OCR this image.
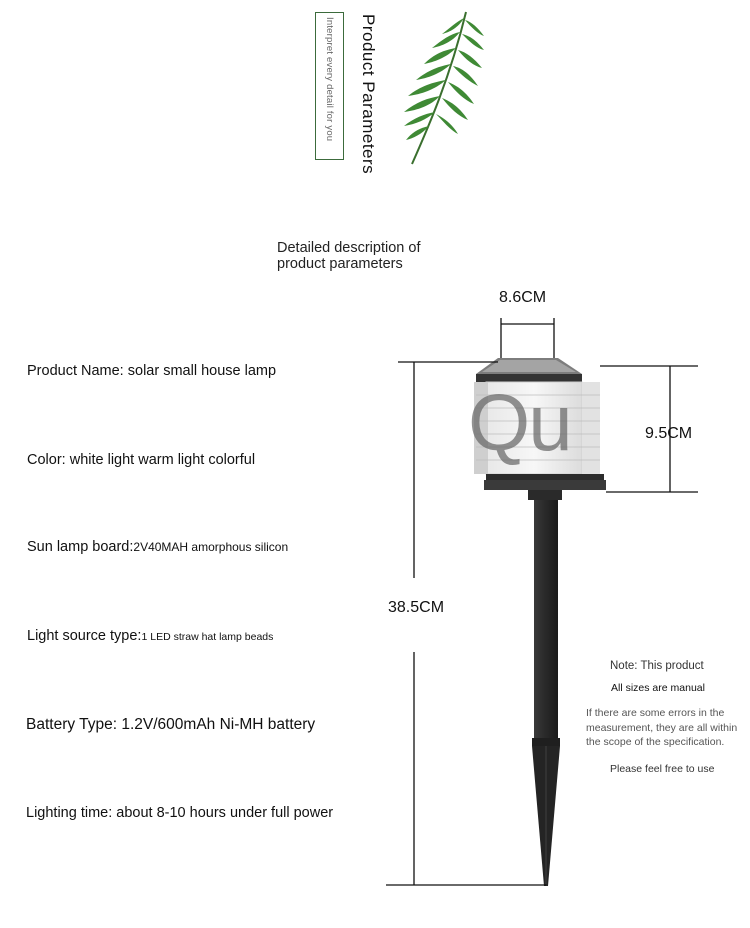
Interpret every detail for you Product Parameters
Detailed description of
product parameters
Product Name: solar small house lamp
Color: white light warm light colorful
Sun lamp board:2V40MAH amorphous silicon
Light source type:1 LED straw hat lamp beads
Battery Type: 1.2V/600mAh Ni-MH battery
Lighting time: about 8-10 hours under full power
8.6CM
9.5CM
38.5CM
Qu
Note: This product
All sizes are manual
If there are some errors in the
measurement, they are all within
the scope of the specification.
Please feel free to use
